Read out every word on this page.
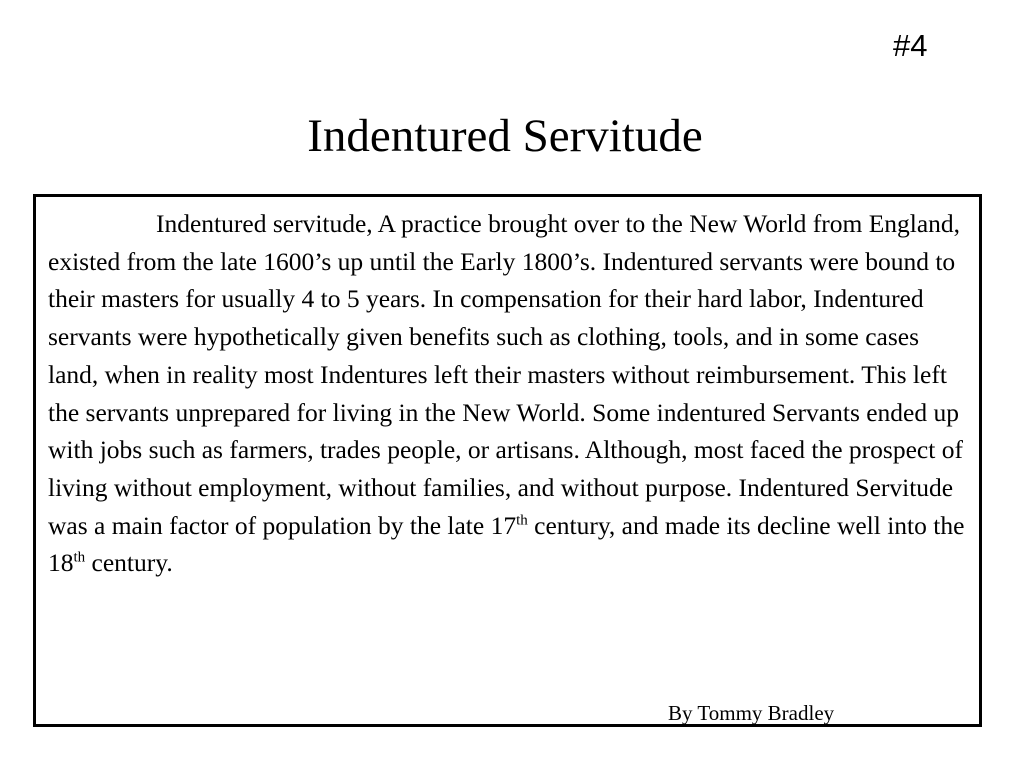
#4
Indentured Servitude

Indentured servitude, A practice brought over to the New World from England, existed from the late 1600’s up until the Early 1800’s. Indentured servants were bound to their masters for usually 4 to 5 years. In compensation for their hard labor, Indentured servants were hypothetically given benefits such as clothing, tools, and in some cases land, when in reality most Indentures left their masters without reimbursement. This left the servants unprepared for living in the New World. Some indentured Servants ended up with jobs such as farmers, trades people, or artisans. Although, most faced the prospect of living without employment, without families, and without purpose. Indentured Servitude was a main factor of population by the late 17th century, and made its decline well into the 18th century.

By Tommy Bradley
